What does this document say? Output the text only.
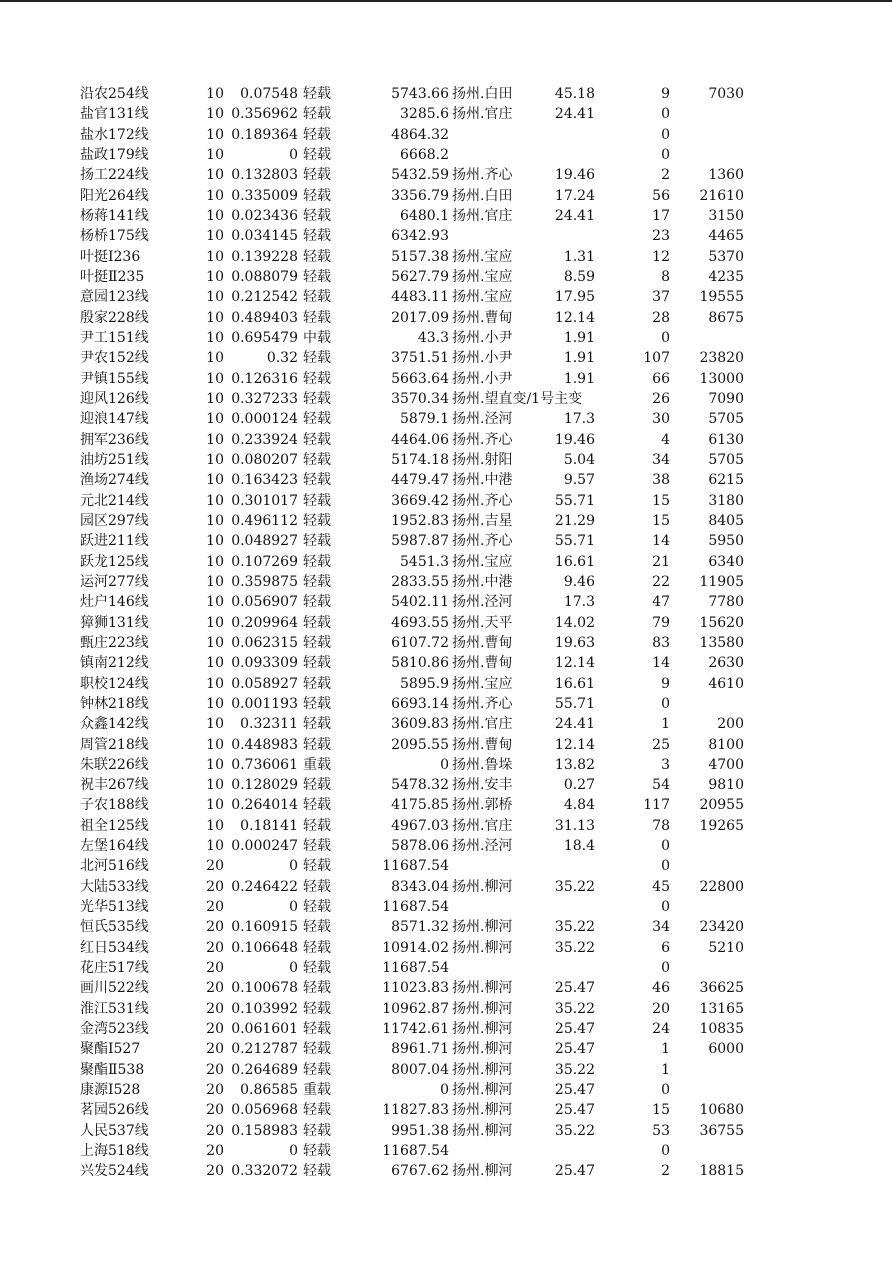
沿农254线	10	0.07548 轻载	5743.66 扬州.白田	45.18	9	7030
盐官131线	10 0.356962 轻载	3285.6 扬州.官庄	24.41	0
盐水172线	10 0.189364 轻载	4864.32	0
盐政179线	10	0 轻载	6668.2	0
扬工224线	10 0.132803 轻载	5432.59 扬州.齐心	19.46	2	1360
阳光264线	10 0.335009 轻载	3356.79 扬州.白田	17.24	56	21610
杨蒋141线	10 0.023436 轻载	6480.1 扬州.官庄	24.41	17	3150
杨桥175线	10 0.034145 轻载	6342.93	23	4465
叶挺Ⅰ236	10 0.139228 轻载	5157.38 扬州.宝应	1.31	12	5370
叶挺Ⅱ235	10 0.088079 轻载	5627.79 扬州.宝应	8.59	8	4235
意园123线	10 0.212542 轻载	4483.11 扬州.宝应	17.95	37	19555
殷家228线	10 0.489403 轻载	2017.09 扬州.曹甸	12.14	28	8675
尹工151线	10 0.695479 中载	43.3 扬州.小尹	1.91	0
尹农152线	10	0.32 轻载	3751.51 扬州.小尹	1.91	107	23820
尹镇155线	10 0.126316 轻载	5663.64 扬州.小尹	1.91	66	13000
迎风126线	10 0.327233 轻载	3570.34 扬州.望直变/1号主变	26	7090
迎浪147线	10 0.000124 轻载	5879.1 扬州.泾河	17.3	30	5705
拥军236线	10 0.233924 轻载	4464.06 扬州.齐心	19.46	4	6130
油坊251线	10 0.080207 轻载	5174.18 扬州.射阳	5.04	34	5705
渔场274线	10 0.163423 轻载	4479.47 扬州.中港	9.57	38	6215
元北214线	10 0.301017 轻载	3669.42 扬州.齐心	55.71	15	3180
园区297线	10 0.496112 轻载	1952.83 扬州.吉星	21.29	15	8405
跃进211线	10 0.048927 轻载	5987.87 扬州.齐心	55.71	14	5950
跃龙125线	10 0.107269 轻载	5451.3 扬州.宝应	16.61	21	6340
运河277线	10 0.359875 轻载	2833.55 扬州.中港	9.46	22	11905
灶户146线	10 0.056907 轻载	5402.11 扬州.泾河	17.3	47	7780
獐狮131线	10 0.209964 轻载	4693.55 扬州.天平	14.02	79	15620
甄庄223线	10 0.062315 轻载	6107.72 扬州.曹甸	19.63	83	13580
镇南212线	10 0.093309 轻载	5810.86 扬州.曹甸	12.14	14	2630
职校124线	10 0.058927 轻载	5895.9 扬州.宝应	16.61	9	4610
钟林218线	10 0.001193 轻载	6693.14 扬州.齐心	55.71	0
众鑫142线	10	0.32311 轻载	3609.83 扬州.官庄	24.41	1	200
周管218线	10 0.448983 轻载	2095.55 扬州.曹甸	12.14	25	8100
朱联226线	10 0.736061 重载	0 扬州.鲁垛	13.82	3	4700
祝丰267线	10 0.128029 轻载	5478.32 扬州.安丰	0.27	54	9810
子农188线	10 0.264014 轻载	4175.85 扬州.郭桥	4.84	117	20955
祖全125线	10	0.18141 轻载	4967.03 扬州.官庄	31.13	78	19265
左堡164线	10 0.000247 轻载	5878.06 扬州.泾河	18.4	0
北河516线	20	0 轻载	11687.54	0
大陆533线	20 0.246422 轻载	8343.04 扬州.柳河	35.22	45	22800
光华513线	20	0 轻载	11687.54	0
恒氏535线	20 0.160915 轻载	8571.32 扬州.柳河	35.22	34	23420
红日534线	20 0.106648 轻载	10914.02 扬州.柳河	35.22	6	5210
花庄517线	20	0 轻载	11687.54	0
画川522线	20 0.100678 轻载	11023.83 扬州.柳河	25.47	46	36625
淮江531线	20 0.103992 轻载	10962.87 扬州.柳河	35.22	20	13165
金湾523线	20 0.061601 轻载	11742.61 扬州.柳河	25.47	24	10835
聚酯Ⅰ527	20 0.212787 轻载	8961.71 扬州.柳河	25.47	1	6000
聚酯Ⅱ538	20 0.264689 轻载	8007.04 扬州.柳河	35.22	1
康源Ⅰ528	20	0.86585 重载	0 扬州.柳河	25.47	0
茗园526线	20 0.056968 轻载	11827.83 扬州.柳河	25.47	15	10680
人民537线	20 0.158983 轻载	9951.38 扬州.柳河	35.22	53	36755
上海518线	20	0 轻载	11687.54	0
兴发524线	20 0.332072 轻载	6767.62 扬州.柳河	25.47	2	18815
